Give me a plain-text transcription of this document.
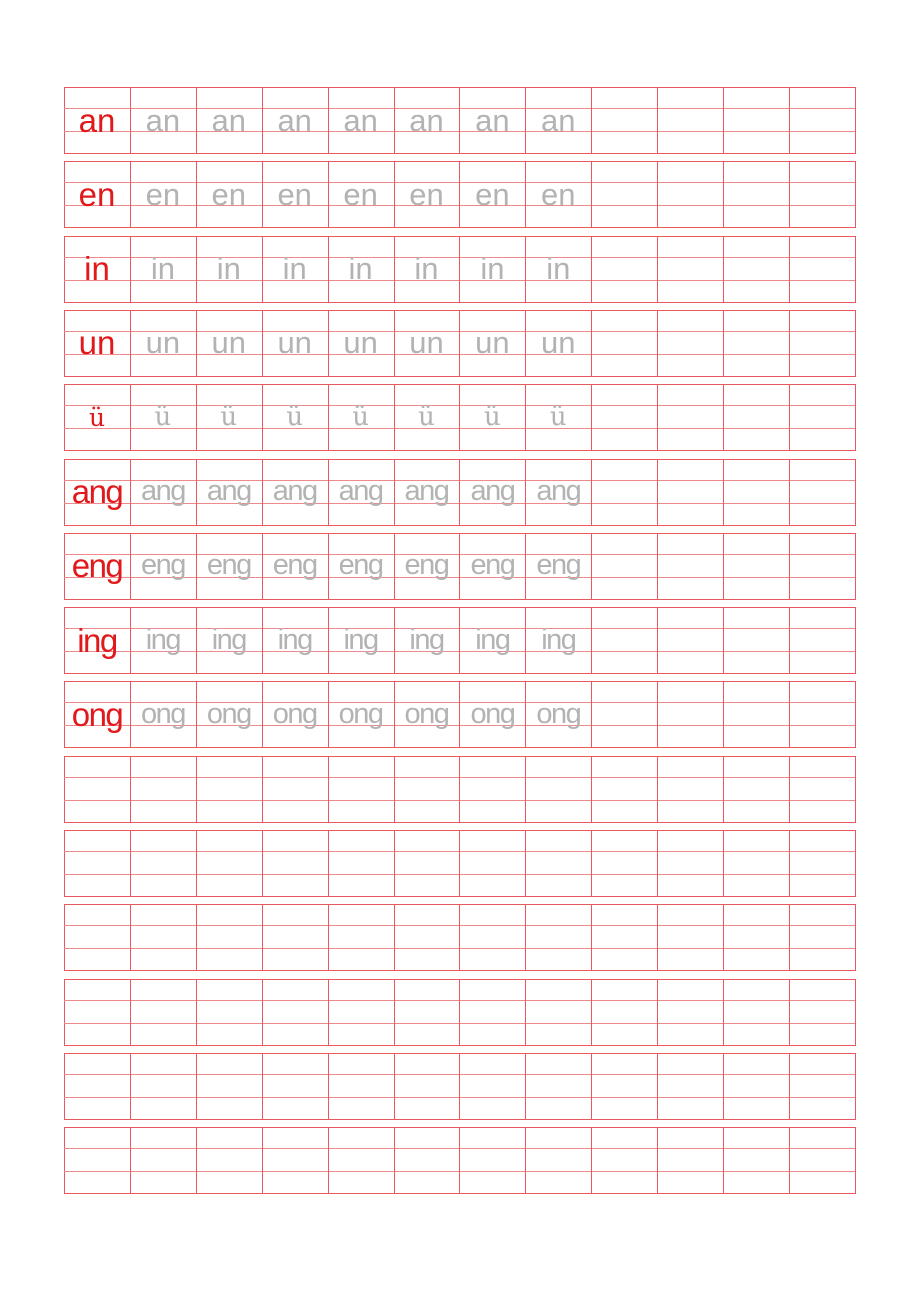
an an	an	an	an	an	an	an
en en	en	en	en	en	en	en
in	in	in	in	in	in	in	in
un un	un	un	un	un	un	un
ü	ü	ü	ü	ü	ü	ü	ü
ang ang ang ang ang ang ang ang
eng eng eng eng eng eng eng eng
ing	ing	ing	ing	ing	ing	ing	ing
ong ong ong ong ong ong ong ong
